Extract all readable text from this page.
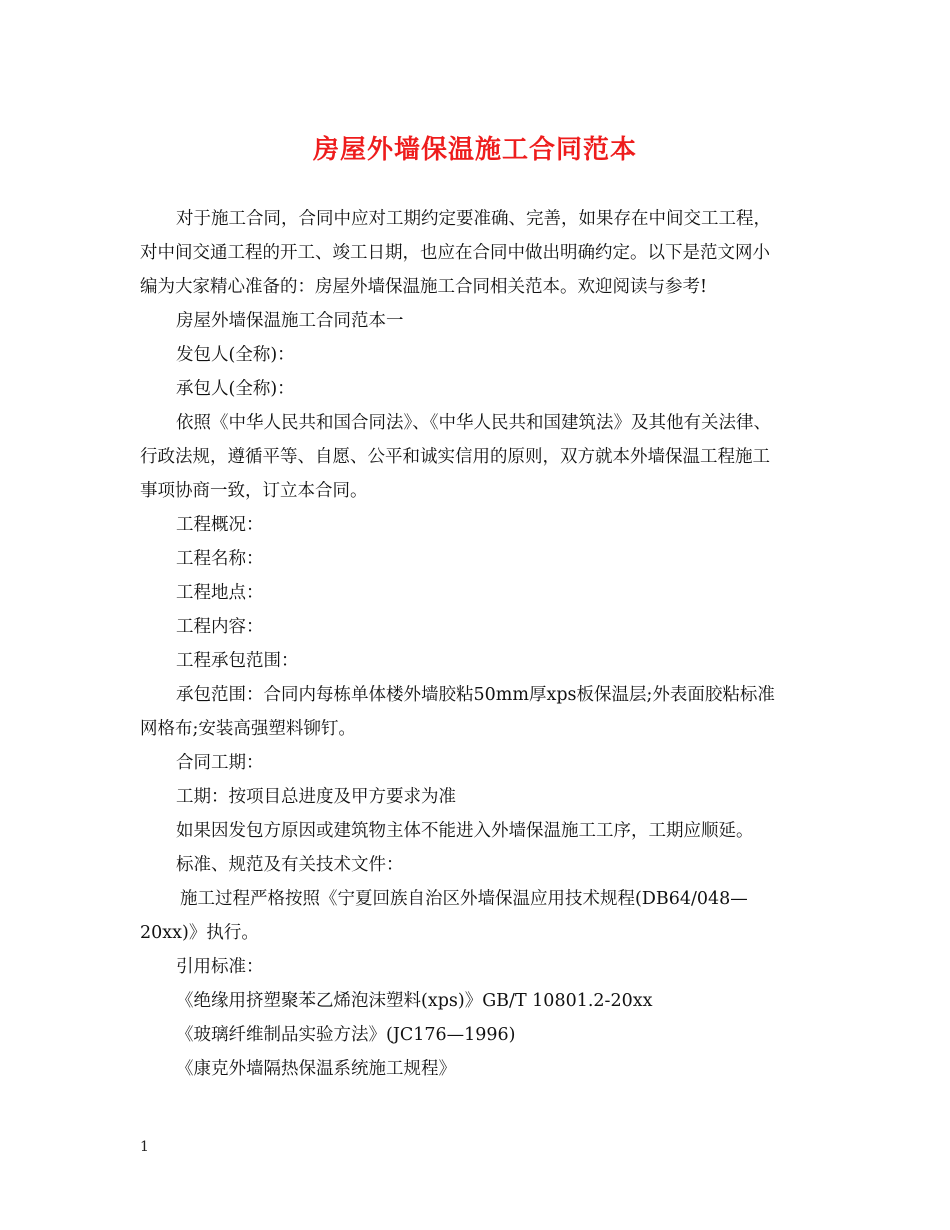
房屋外墙保温施工合同范本

对于施工合同，合同中应对工期约定要准确、完善，如果存在中间交工工程，

对中间交通工程的开工、竣工日期，也应在合同中做出明确约定。以下是范文网小

编为大家精心准备的：房屋外墙保温施工合同相关范本。欢迎阅读与参考!

房屋外墙保温施工合同范本一

发包人(全称)：

承包人(全称)：

依照《中华人民共和国合同法》、《中华人民共和国建筑法》及其他有关法律、

行政法规，遵循平等、自愿、公平和诚实信用的原则，双方就本外墙保温工程施工

事项协商一致，订立本合同。

工程概况：

工程名称：

工程地点：

工程内容：

工程承包范围：

承包范围：合同内每栋单体楼外墙胶粘50mm厚xps板保温层;外表面胶粘标准

网格布;安装高强塑料铆钉。

合同工期：

工期：按项目总进度及甲方要求为准

如果因发包方原因或建筑物主体不能进入外墙保温施工工序，工期应顺延。

标准、规范及有关技术文件：

施工过程严格按照《宁夏回族自治区外墙保温应用技术规程(DB64/048—

20xx)》执行。

引用标准：

《绝缘用挤塑聚苯乙烯泡沫塑料(xps)》GB/T 10801.2-20xx

《玻璃纤维制品实验方法》(JC176—1996)

《康克外墙隔热保温系统施工规程》

1
